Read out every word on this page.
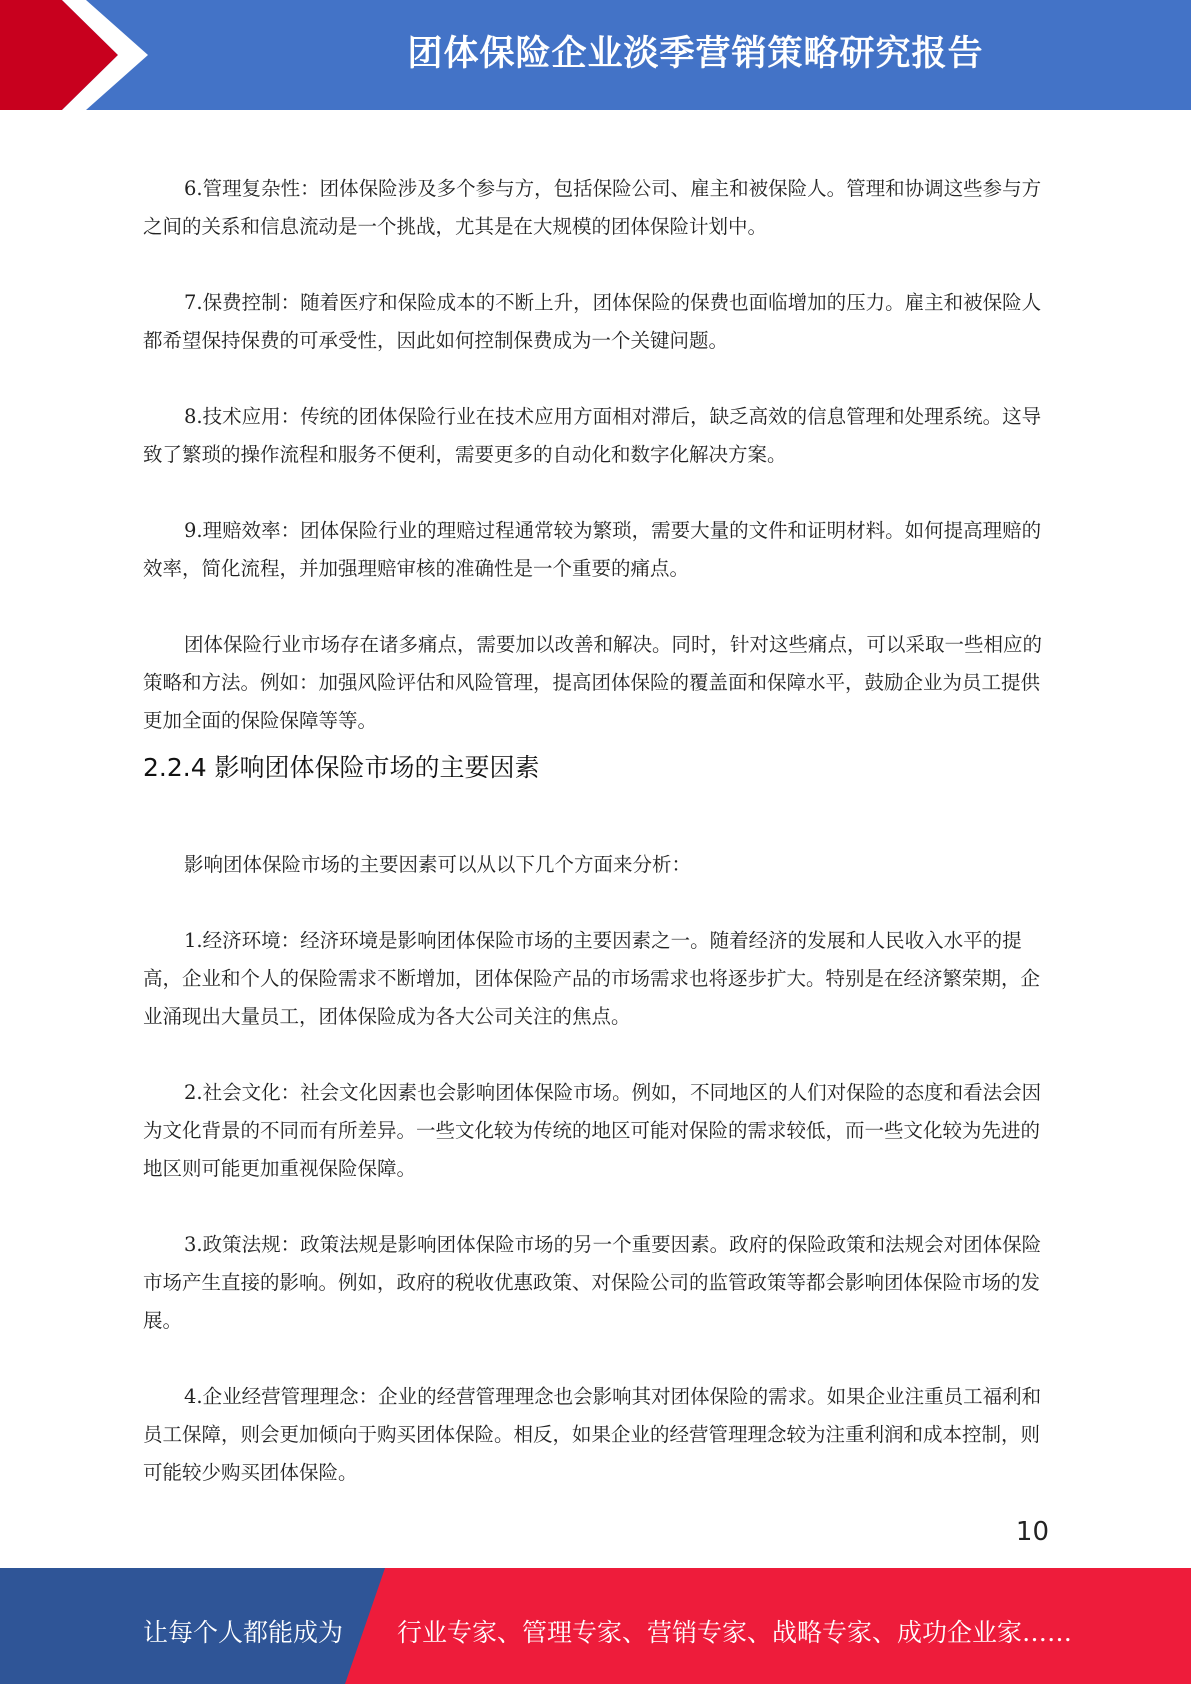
团体保险企业淡季营销策略研究报告

6.管理复杂性：团体保险涉及多个参与方，包括保险公司、雇主和被保险人。管理和协调这些参与方之间的关系和信息流动是一个挑战，尤其是在大规模的团体保险计划中。

7.保费控制：随着医疗和保险成本的不断上升，团体保险的保费也面临增加的压力。雇主和被保险人都希望保持保费的可承受性，因此如何控制保费成为一个关键问题。

8.技术应用：传统的团体保险行业在技术应用方面相对滞后，缺乏高效的信息管理和处理系统。这导致了繁琐的操作流程和服务不便利，需要更多的自动化和数字化解决方案。

9.理赔效率：团体保险行业的理赔过程通常较为繁琐，需要大量的文件和证明材料。如何提高理赔的效率，简化流程，并加强理赔审核的准确性是一个重要的痛点。

团体保险行业市场存在诸多痛点，需要加以改善和解决。同时，针对这些痛点，可以采取一些相应的策略和方法。例如：加强风险评估和风险管理，提高团体保险的覆盖面和保障水平，鼓励企业为员工提供更加全面的保险保障等等。

2.2.4 影响团体保险市场的主要因素

影响团体保险市场的主要因素可以从以下几个方面来分析：

1.经济环境：经济环境是影响团体保险市场的主要因素之一。随着经济的发展和人民收入水平的提高，企业和个人的保险需求不断增加，团体保险产品的市场需求也将逐步扩大。特别是在经济繁荣期，企业涌现出大量员工，团体保险成为各大公司关注的焦点。

2.社会文化：社会文化因素也会影响团体保险市场。例如，不同地区的人们对保险的态度和看法会因为文化背景的不同而有所差异。一些文化较为传统的地区可能对保险的需求较低，而一些文化较为先进的地区则可能更加重视保险保障。

3.政策法规：政策法规是影响团体保险市场的另一个重要因素。政府的保险政策和法规会对团体保险市场产生直接的影响。例如，政府的税收优惠政策、对保险公司的监管政策等都会影响团体保险市场的发展。

4.企业经营管理理念：企业的经营管理理念也会影响其对团体保险的需求。如果企业注重员工福利和员工保障，则会更加倾向于购买团体保险。相反，如果企业的经营管理理念较为注重利润和成本控制，则可能较少购买团体保险。

10
让每个人都能成为 行业专家、管理专家、营销专家、战略专家、成功企业家……
